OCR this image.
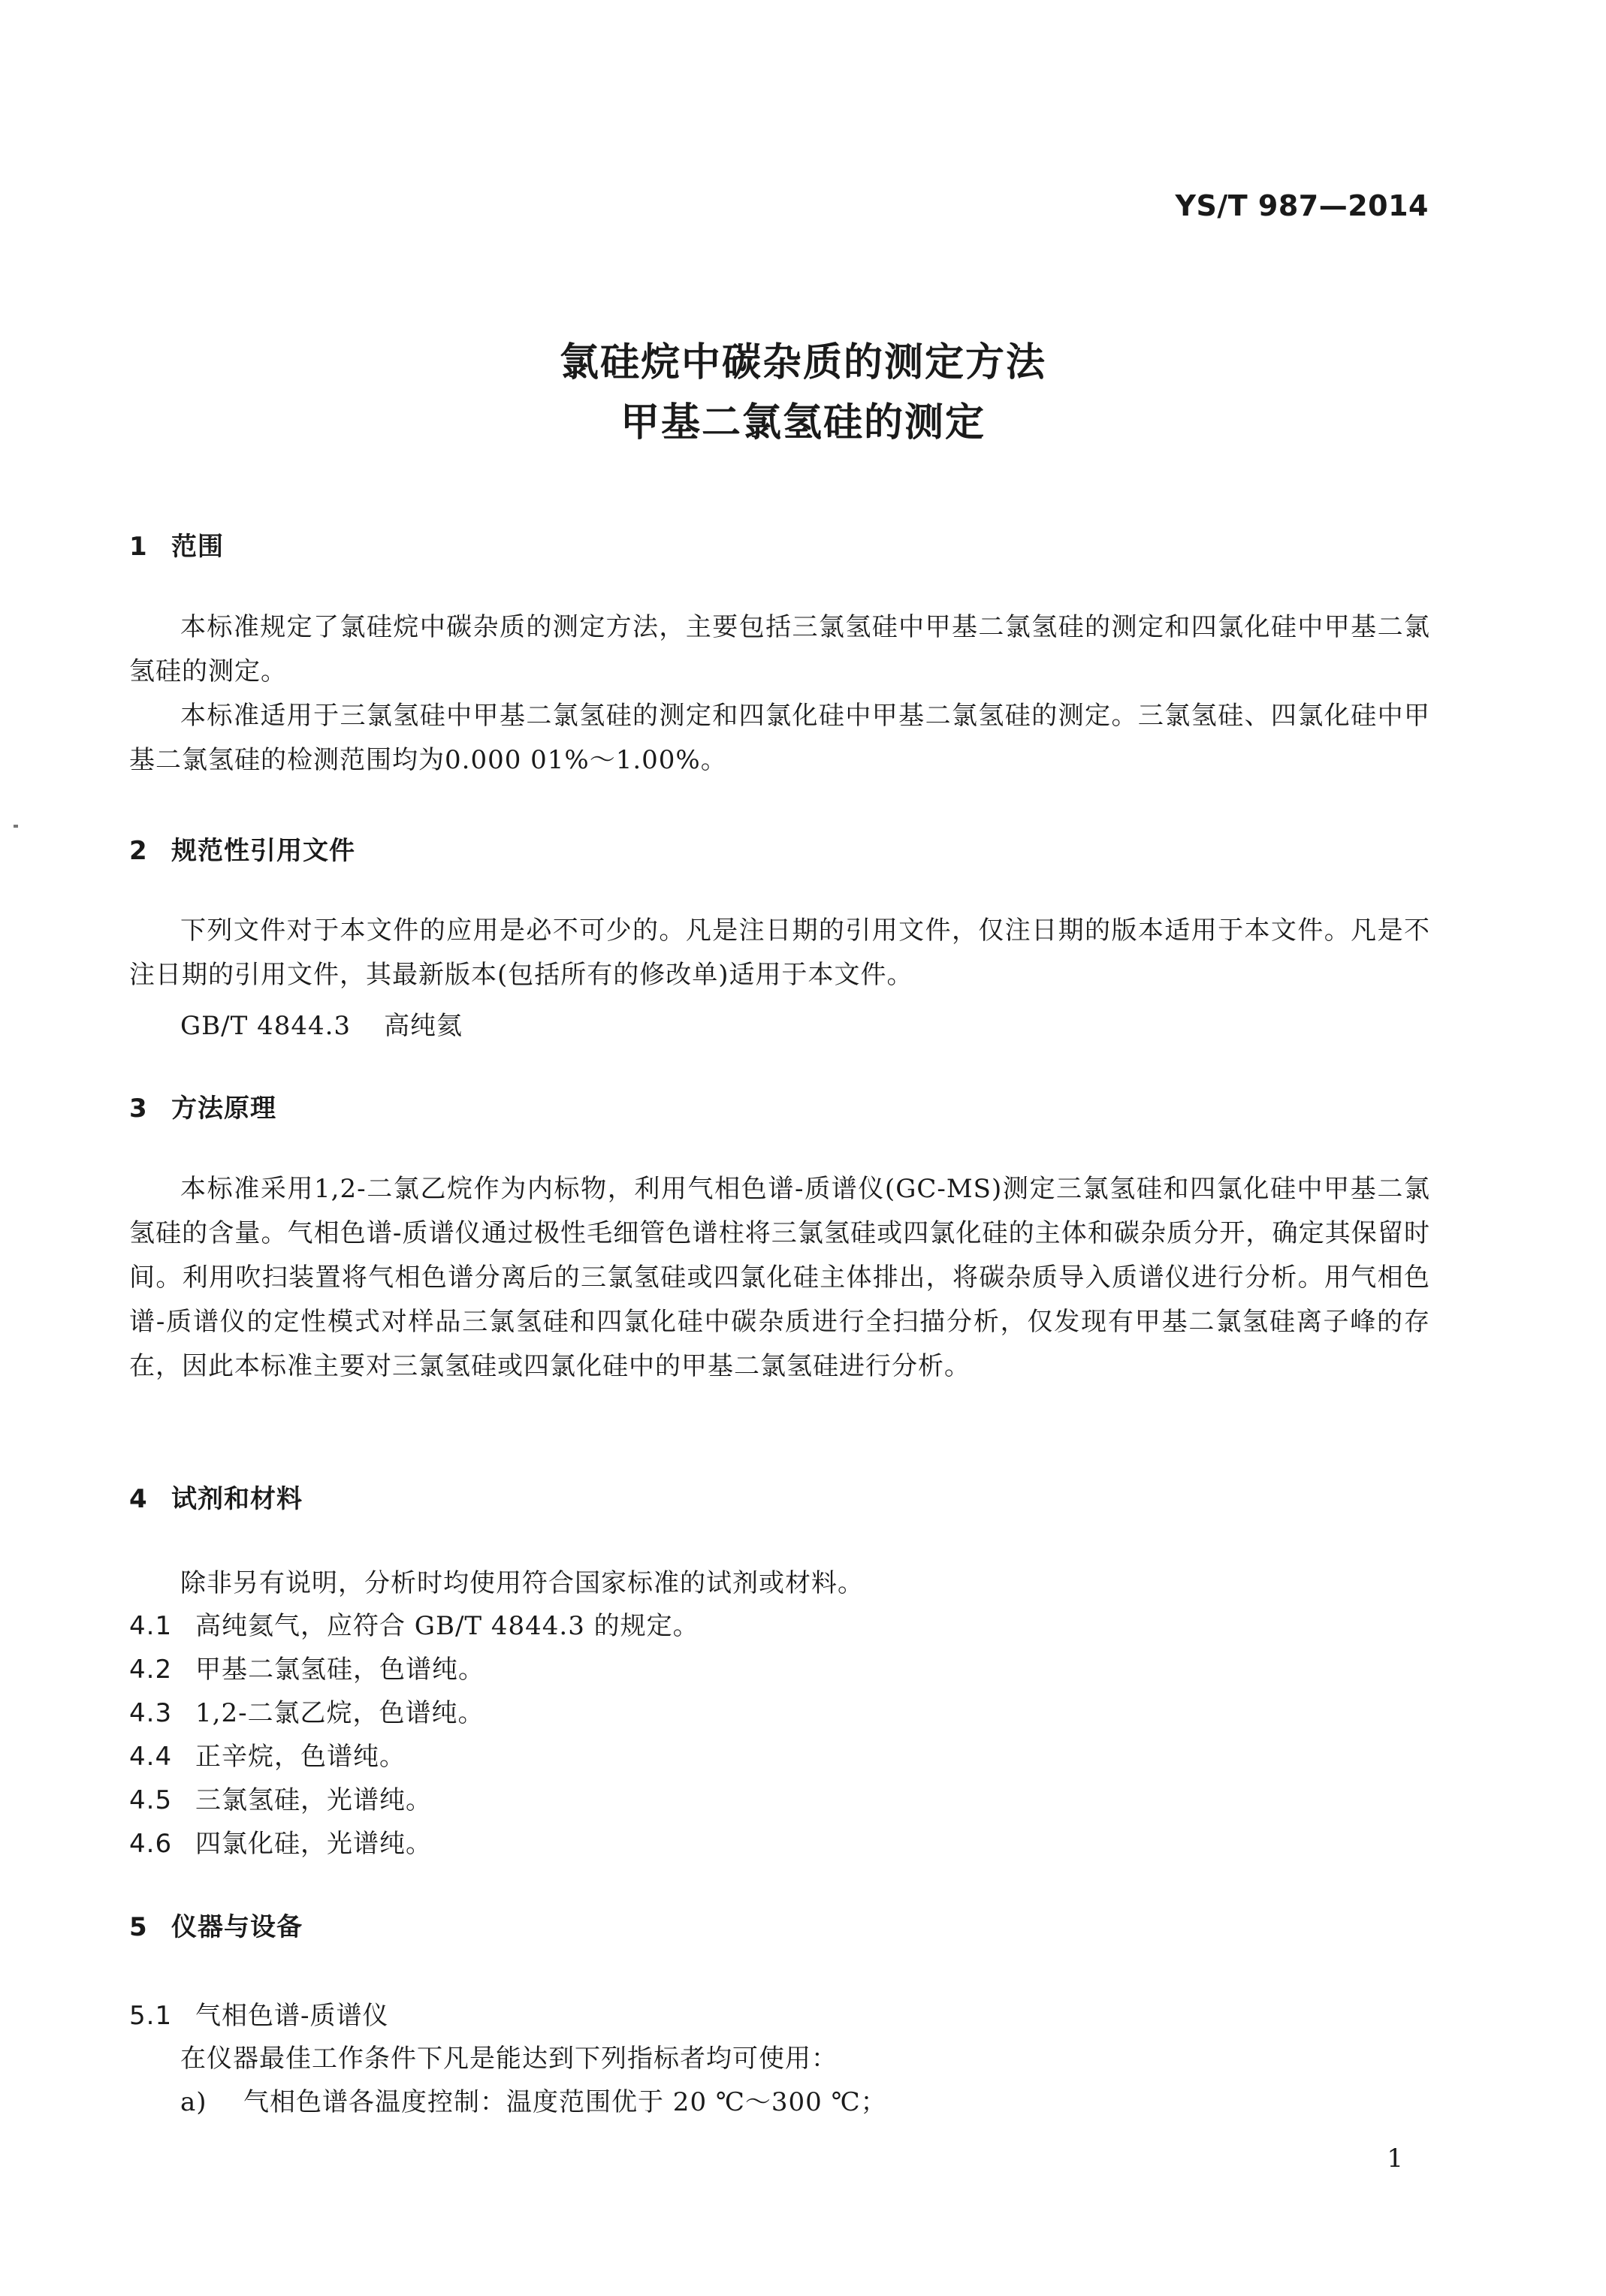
YS/T 987—2014
氯硅烷中碳杂质的测定方法
甲基二氯氢硅的测定
1 范围
本标准规定了氯硅烷中碳杂质的测定方法，主要包括三氯氢硅中甲基二氯氢硅的测定和四氯化硅中甲基二氯氢硅的测定。
本标准适用于三氯氢硅中甲基二氯氢硅的测定和四氯化硅中甲基二氯氢硅的测定。三氯氢硅、四氯化硅中甲基二氯氢硅的检测范围均为0.000 01%～1.00%。
2 规范性引用文件
下列文件对于本文件的应用是必不可少的。凡是注日期的引用文件，仅注日期的版本适用于本文件。凡是不注日期的引用文件，其最新版本(包括所有的修改单)适用于本文件。
GB/T 4844.3 高纯氦
3 方法原理
本标准采用1,2-二氯乙烷作为内标物，利用气相色谱-质谱仪(GC-MS)测定三氯氢硅和四氯化硅中甲基二氯氢硅的含量。气相色谱-质谱仪通过极性毛细管色谱柱将三氯氢硅或四氯化硅的主体和碳杂质分开，确定其保留时间。利用吹扫装置将气相色谱分离后的三氯氢硅或四氯化硅主体排出，将碳杂质导入质谱仪进行分析。用气相色谱-质谱仪的定性模式对样品三氯氢硅和四氯化硅中碳杂质进行全扫描分析，仅发现有甲基二氯氢硅离子峰的存在，因此本标准主要对三氯氢硅或四氯化硅中的甲基二氯氢硅进行分析。
4 试剂和材料
除非另有说明，分析时均使用符合国家标准的试剂或材料。
4.1 高纯氦气，应符合 GB/T 4844.3 的规定。
4.2 甲基二氯氢硅，色谱纯。
4.3 1,2-二氯乙烷，色谱纯。
4.4 正辛烷，色谱纯。
4.5 三氯氢硅，光谱纯。
4.6 四氯化硅，光谱纯。
5 仪器与设备
5.1 气相色谱-质谱仪
在仪器最佳工作条件下凡是能达到下列指标者均可使用：
a) 气相色谱各温度控制：温度范围优于 20 ℃～300 ℃；
1
